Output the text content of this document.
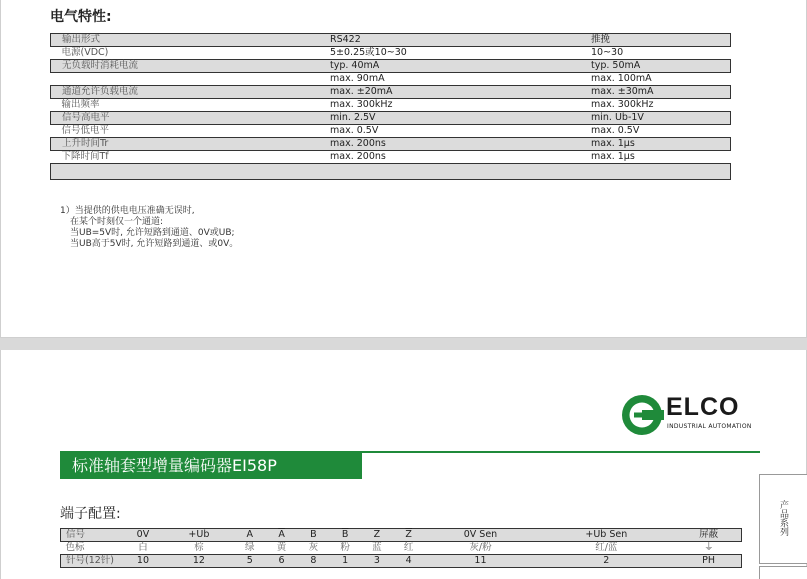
电气特性:
输出形式	RS422	推挽
电源(VDC)	5±0.25或10~30	10~30
无负载时消耗电流	typ. 40mA	typ. 50mA
	max. 90mA	max. 100mA
通道允许负载电流	max. ±20mA	max. ±30mA
输出频率	max. 300kHz	max. 300kHz
信号高电平	min. 2.5V	min. Ub-1V
信号低电平	max. 0.5V	max. 0.5V
上升时间Tr	max. 200ns	max. 1μs
下降时间Tf	max. 200ns	max. 1μs

1）当提供的供电电压准确无误时,
在某个时刻仅一个通道:
当UB=5V时, 允许短路到通道、0V或UB;
当UB高于5V时, 允许短路到通道、或0V。
ELCO
INDUSTRIAL AUTOMATION
标准轴套型增量编码器EI58P
产品系列
端子配置:
信号	0V	+Ub	A	$\overline{A}$	B	$\overline{B}$	Z	$\overline{Z}$	0V Sen	+Ub Sen	屏蔽
色标	白	棕	绿	黄	灰	粉	蓝	红	灰/粉	红/蓝	⏚
针号(12针)	10	12	5	6	8	1	3	4	11	2	PH
